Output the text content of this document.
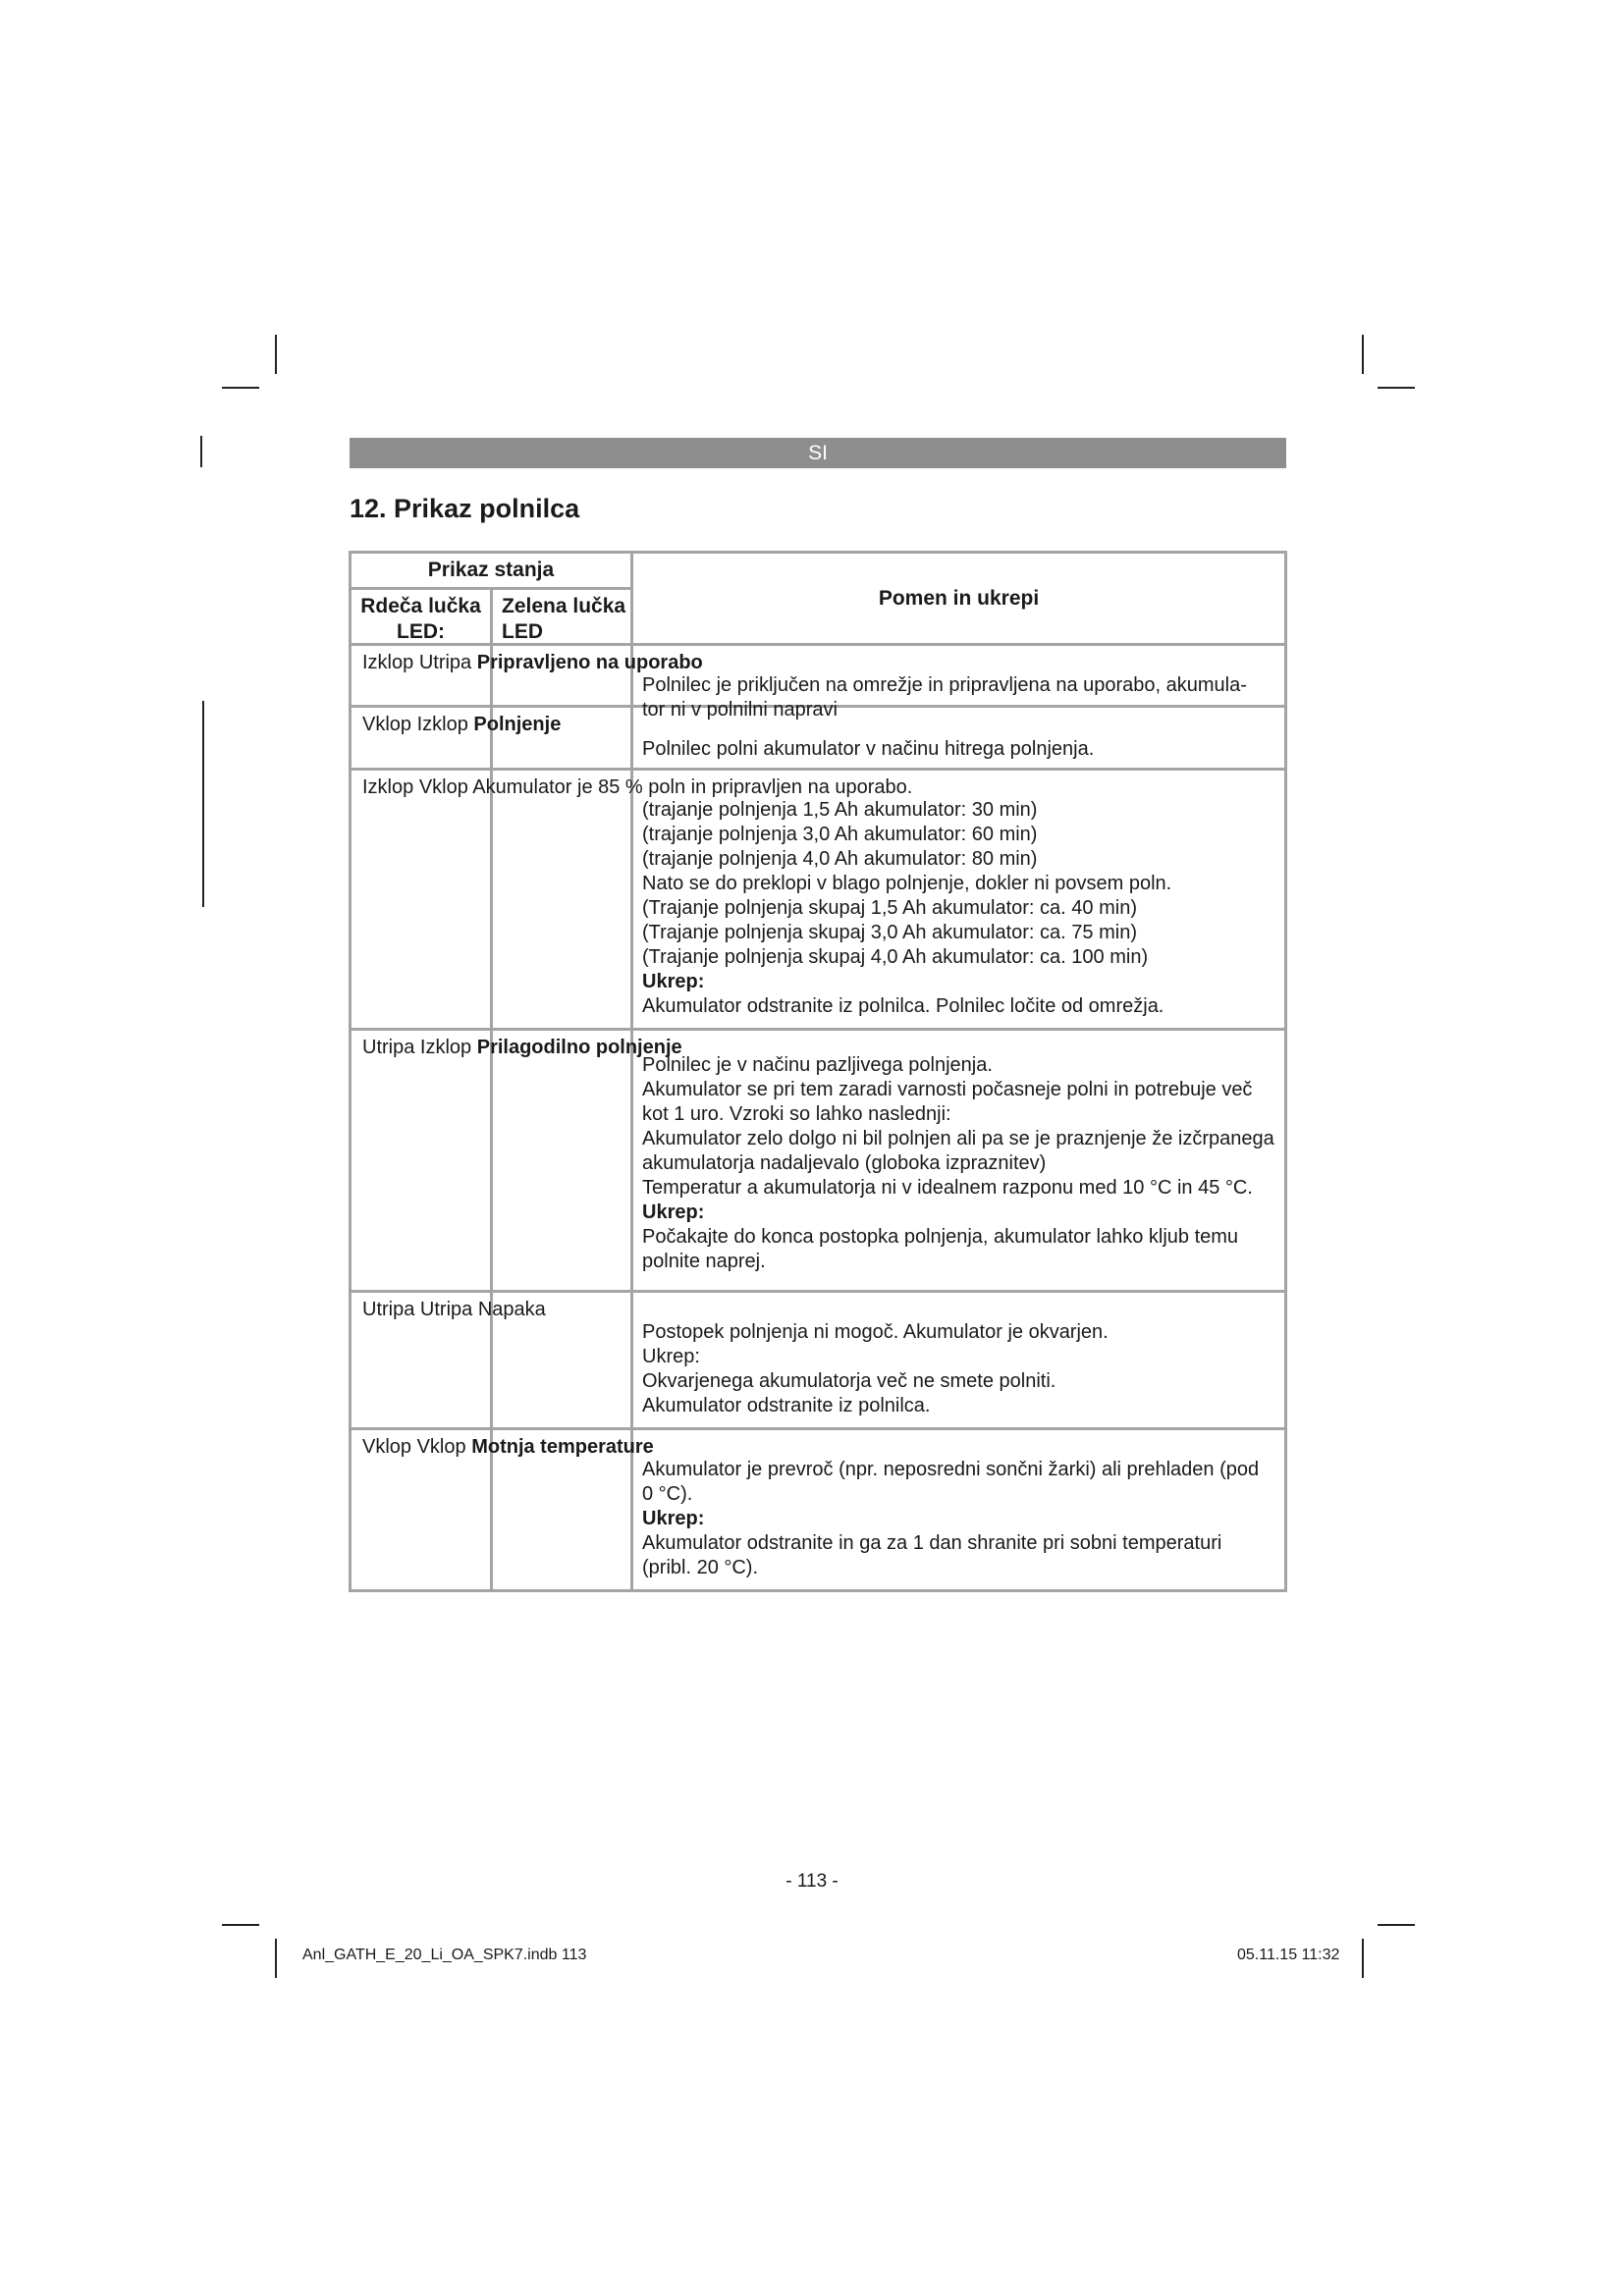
SI
12. Prikaz polnilca
Prikaz stanja
Rdeča lučka LED:
Zelena lučka LED
Pomen in ukrepi
Izklop Utripa Pripravljeno na uporabo
Polnilec je priključen na omrežje in pripravljena na uporabo, akumula-
tor ni v polnilni napravi
Vklop Izklop Polnjenje
Polnilec polni akumulator v načinu hitrega polnjenja.
Izklop Vklop Akumulator je 85 % poln in pripravljen na uporabo.
(trajanje polnjenja 1,5 Ah akumulator: 30 min)
(trajanje polnjenja 3,0 Ah akumulator: 60 min)
(trajanje polnjenja 4,0 Ah akumulator: 80 min)
Nato se do preklopi v blago polnjenje, dokler ni povsem poln.
(Trajanje polnjenja skupaj 1,5 Ah akumulator: ca. 40 min)
(Trajanje polnjenja skupaj 3,0 Ah akumulator: ca. 75 min)
(Trajanje polnjenja skupaj 4,0 Ah akumulator: ca. 100 min)
Ukrep:
Akumulator odstranite iz polnilca. Polnilec ločite od omrežja.
Utripa Izklop Prilagodilno polnjenje
Polnilec je v načinu pazljivega polnjenja.
Akumulator se pri tem zaradi varnosti počasneje polni in potrebuje več kot 1 uro. Vzroki so lahko naslednji:
Akumulator zelo dolgo ni bil polnjen ali pa se je praznjenje že izčrpanega akumulatorja nadaljevalo (globoka izpraznitev)
Temperatur a akumulatorja ni v idealnem razponu med 10 °C in 45 °C.
Ukrep:
Počakajte do konca postopka polnjenja, akumulator lahko kljub temu polnite naprej.
Utripa Utripa Napaka
Postopek polnjenja ni mogoč. Akumulator je okvarjen.
Ukrep:
Okvarjenega akumulatorja več ne smete polniti.
Akumulator odstranite iz polnilca.
Vklop Vklop Motnja temperature
Akumulator je prevroč (npr. neposredni sončni žarki) ali prehladen (pod 0 °C).
Ukrep:
Akumulator odstranite in ga za 1 dan shranite pri sobni temperaturi (pribl. 20 °C).
- 113 -
Anl_GATH_E_20_Li_OA_SPK7.indb 113	05.11.15 11:32
